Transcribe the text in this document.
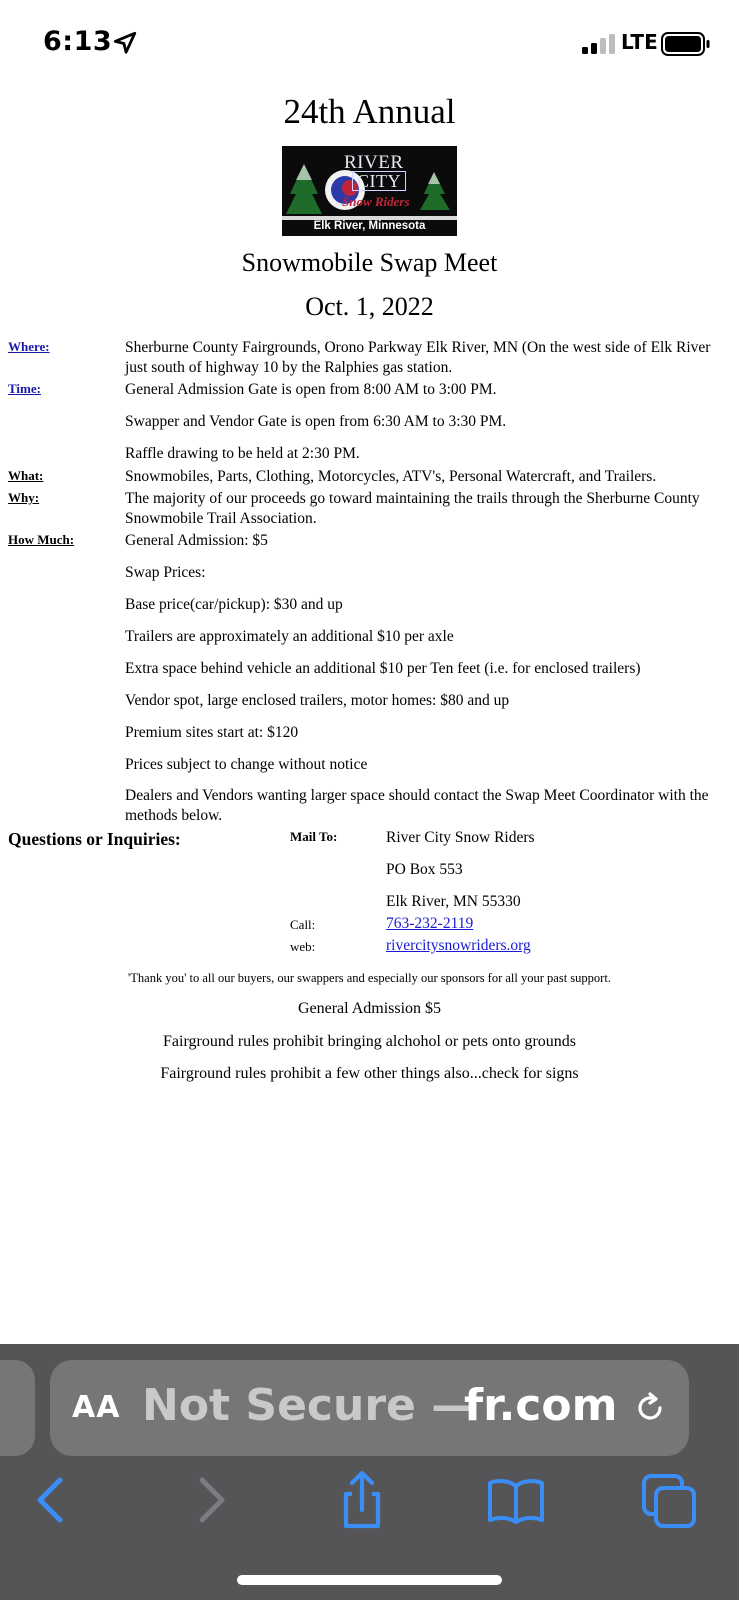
6:13	LTE
24th Annual
RIVER
CITY
Snow Riders
Elk River, Minnesota
Snowmobile Swap Meet
Oct. 1, 2022
Where:	Sherburne County Fairgrounds, Orono Parkway Elk River, MN (On the west side of Elk River just south of highway 10 by the Ralphies gas station.
Time:	General Admission Gate is open from 8:00 AM to 3:00 PM.
Swapper and Vendor Gate is open from 6:30 AM to 3:30 PM.
Raffle drawing to be held at 2:30 PM.
What:	Snowmobiles, Parts, Clothing, Motorcycles, ATV's, Personal Watercraft, and Trailers.
Why:	The majority of our proceeds go toward maintaining the trails through the Sherburne County Snowmobile Trail Association.
How Much:	General Admission: $5
Swap Prices:
Base price(car/pickup): $30 and up
Trailers are approximately an additional $10 per axle
Extra space behind vehicle an additional $10 per Ten feet (i.e. for enclosed trailers)
Vendor spot, large enclosed trailers, motor homes: $80 and up
Premium sites start at: $120
Prices subject to change without notice
Dealers and Vendors wanting larger space should contact the Swap Meet Coordinator with the methods below.
Questions or Inquiries:	Mail To:	River City Snow Riders
PO Box 553
Elk River, MN 55330
Call:	763-232-2119
web:	rivercitysnowriders.org
'Thank you' to all our buyers, our swappers and especially our sponsors for all your past support.
General Admission $5
Fairground rules prohibit bringing alchohol or pets onto grounds
Fairground rules prohibit a few other things also...check for signs
AA Not Secure —
fr.com
